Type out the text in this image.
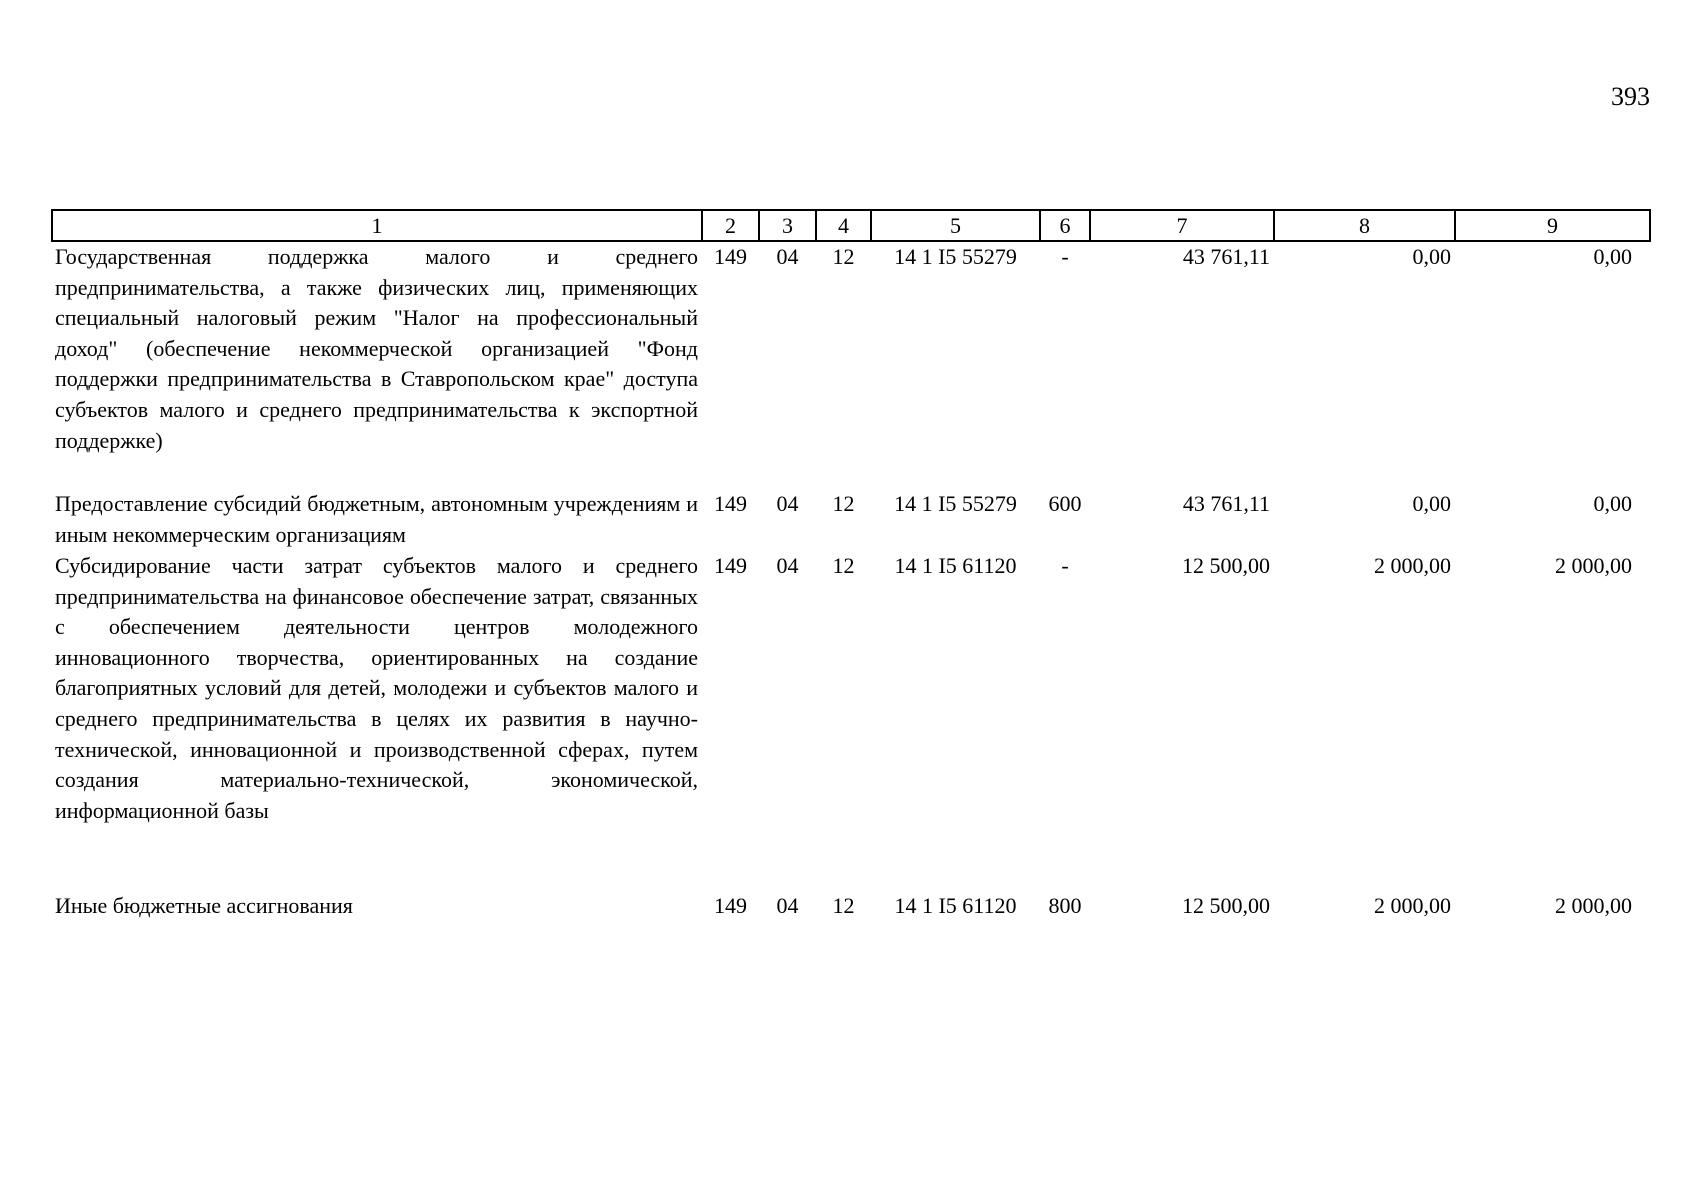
393
1	2	3	4	5	6	7	8	9
Государственная поддержка малого и среднего предпринимательства, а также физических лиц, применяющих специальный налоговый режим "Налог на профессиональный доход" (обеспечение некоммерческой организацией "Фонд поддержки предпринимательства в Ставропольском крае" доступа субъектов малого и среднего предпринимательства к экспортной поддержке)	149	04	12	14 1 I5 55279	-	43 761,11	0,00	0,00
Предоставление субсидий бюджетным, автономным учреждениям и иным некоммерческим организациям	149	04	12	14 1 I5 55279	600	43 761,11	0,00	0,00
Субсидирование части затрат субъектов малого и среднего предпринимательства на финансовое обеспечение затрат, связанных с обеспечением деятельности центров молодежного инновационного творчества, ориентированных на создание благоприятных условий для детей, молодежи и субъектов малого и среднего предпринимательства в целях их развития в научно-технической, инновационной и производственной сферах, путем создания материально-технической, экономической, информационной базы	149	04	12	14 1 I5 61120	-	12 500,00	2 000,00	2 000,00
Иные бюджетные ассигнования	149	04	12	14 1 I5 61120	800	12 500,00	2 000,00	2 000,00
